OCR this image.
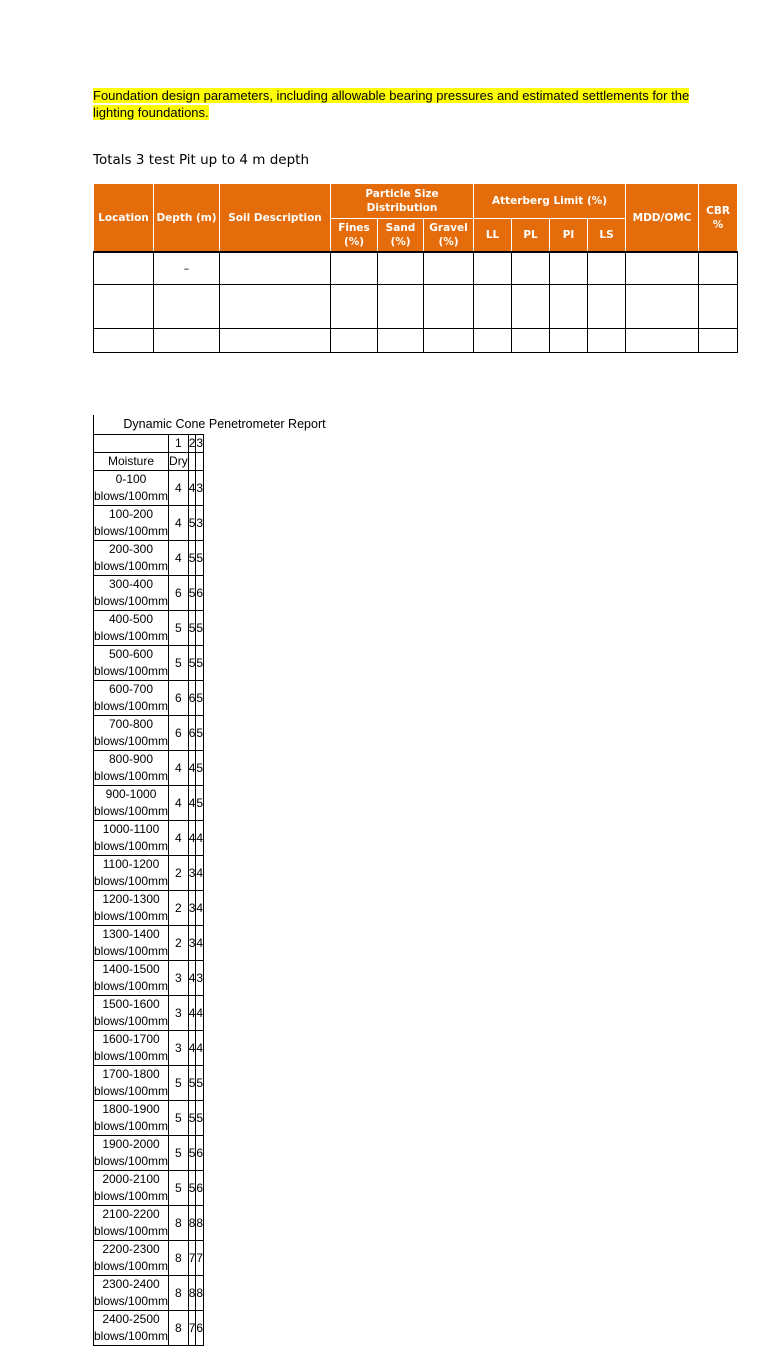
Foundation design parameters, including allowable bearing pressures and estimated settlements for the lighting foundations.
Totals 3 test Pit up to 4 m depth
Location	Depth (m)	Soil Description	Particle Size Distribution			Atterberg Limit (%)				MDD/OMC	CBR %
			Fines (%)	Sand (%)	Gravel (%)	LL	PL	PI	LS		
	–										

Dynamic Cone Penetrometer Report
	1	2	3
Moisture	Dry		
0-100 blows/100mm	4	4	3
100-200 blows/100mm	4	5	3
200-300 blows/100mm	4	5	5
300-400 blows/100mm	6	5	6
400-500 blows/100mm	5	5	5
500-600 blows/100mm	5	5	5
600-700 blows/100mm	6	6	5
700-800 blows/100mm	6	6	5
800-900 blows/100mm	4	4	5
900-1000 blows/100mm	4	4	5
1000-1100 blows/100mm	4	4	4
1100-1200 blows/100mm	2	3	4
1200-1300 blows/100mm	2	3	4
1300-1400 blows/100mm	2	3	4
1400-1500 blows/100mm	3	4	3
1500-1600 blows/100mm	3	4	4
1600-1700 blows/100mm	3	4	4
1700-1800 blows/100mm	5	5	5
1800-1900 blows/100mm	5	5	5
1900-2000 blows/100mm	5	5	6
2000-2100 blows/100mm	5	5	6
2100-2200 blows/100mm	8	8	8
2200-2300 blows/100mm	8	7	7
2300-2400 blows/100mm	8	8	8
2400-2500 blows/100mm	8	7	6
